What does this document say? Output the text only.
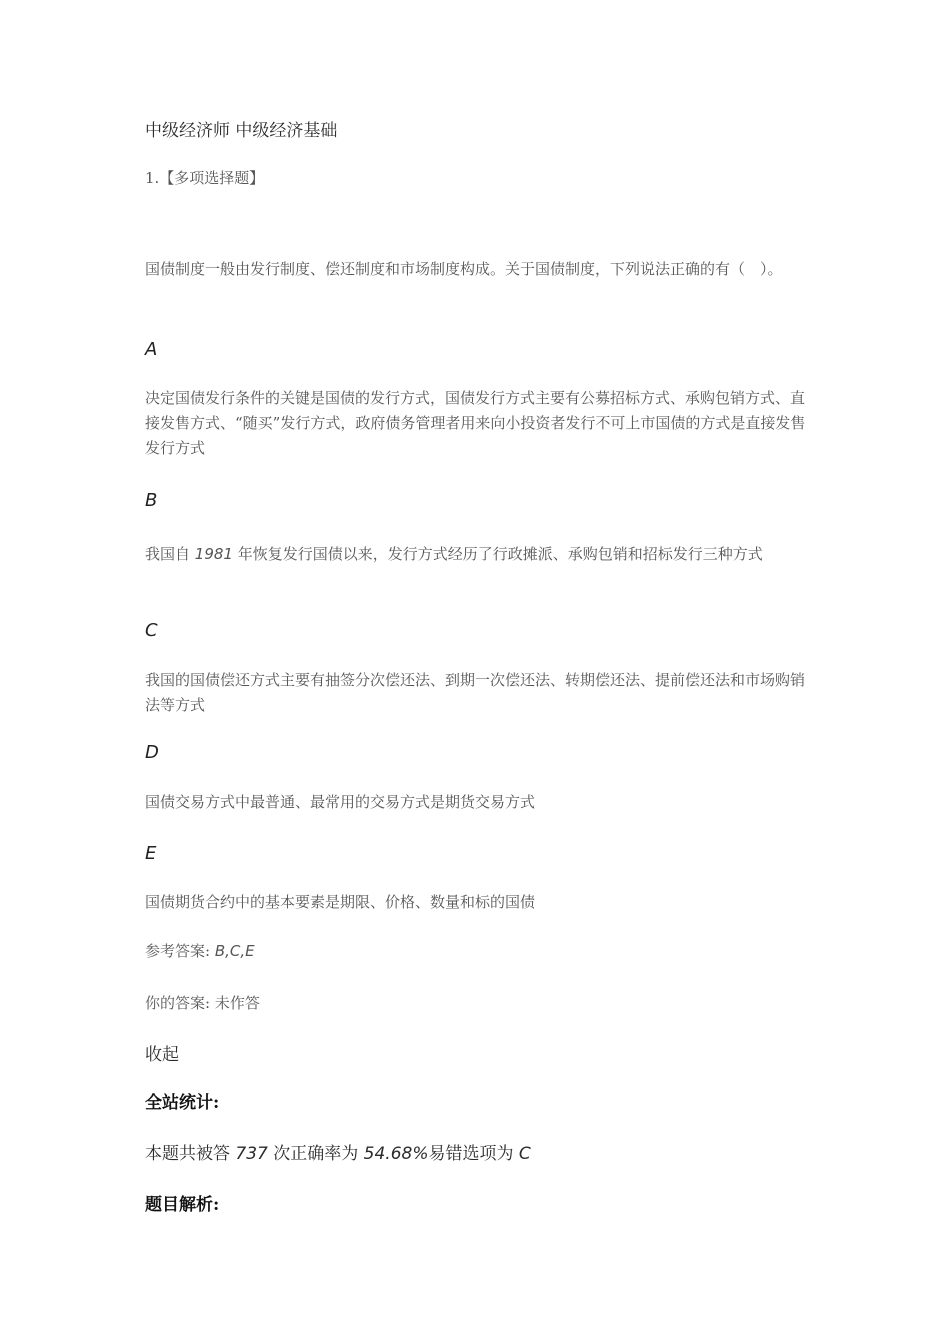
中级经济师 中级经济基础
1.【多项选择题】
国债制度一般由发行制度、偿还制度和市场制度构成。关于国债制度，下列说法正确的有（　）。
A
决定国债发行条件的关键是国债的发行方式，国债发行方式主要有公募招标方式、承购包销方式、直接发售方式、“随买”发行方式，政府债务管理者用来向小投资者发行不可上市国债的方式是直接发售发行方式
B
我国自 1981 年恢复发行国债以来，发行方式经历了行政摊派、承购包销和招标发行三种方式
C
我国的国债偿还方式主要有抽签分次偿还法、到期一次偿还法、转期偿还法、提前偿还法和市场购销法等方式
D
国债交易方式中最普通、最常用的交易方式是期货交易方式
E
国债期货合约中的基本要素是期限、价格、数量和标的国债
参考答案: B,C,E
你的答案: 未作答
收起
全站统计:
本题共被答 737 次正确率为 54.68%易错选项为 C
题目解析:
